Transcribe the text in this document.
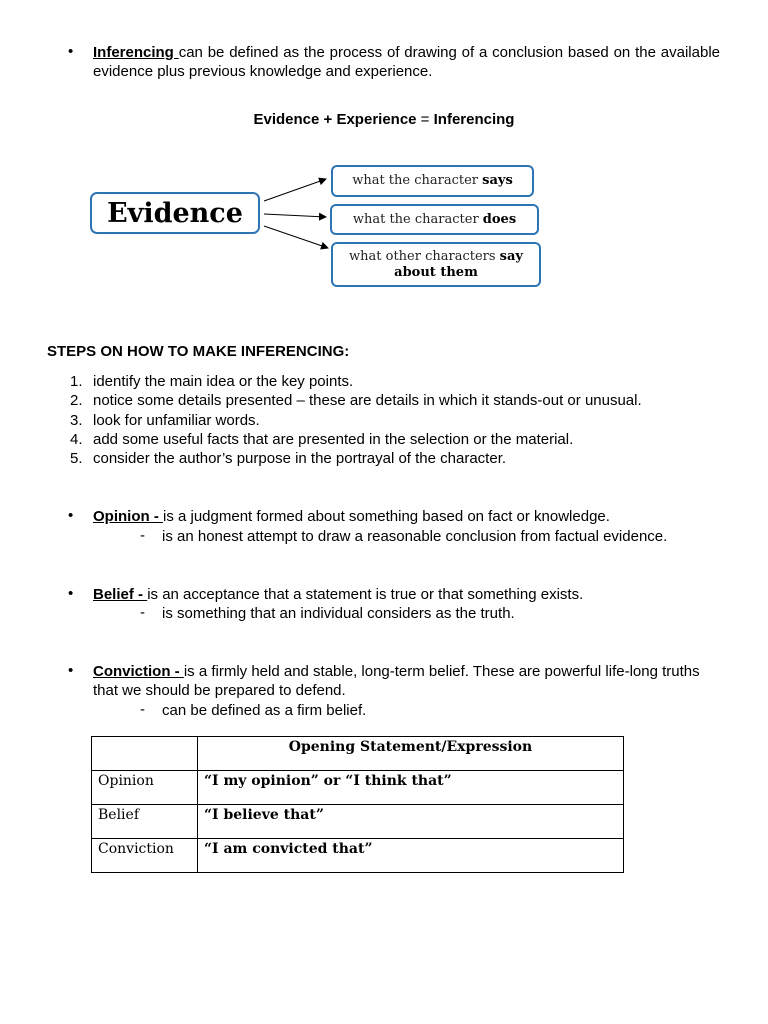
• Inferencing can be defined as the process of drawing of a conclusion based on the available evidence plus previous knowledge and experience.
Evidence + Experience = Inferencing
Evidence
what the character says
what the character does
what other characters say about them
STEPS ON HOW TO MAKE INFERENCING:
1. identify the main idea or the key points.
2. notice some details presented – these are details in which it stands-out or unusual.
3. look for unfamiliar words.
4. add some useful facts that are presented in the selection or the material.
5. consider the author’s purpose in the portrayal of the character.
• Opinion - is a judgment formed about something based on fact or knowledge.
- is an honest attempt to draw a reasonable conclusion from factual evidence.
• Belief - is an acceptance that a statement is true or that something exists.
- is something that an individual considers as the truth.
• Conviction - is a firmly held and stable, long-term belief. These are powerful life-long truths that we should be prepared to defend.
- can be defined as a firm belief.
	Opening Statement/Expression
Opinion	“I my opinion” or “I think that”
Belief	“I believe that”
Conviction	“I am convicted that”
